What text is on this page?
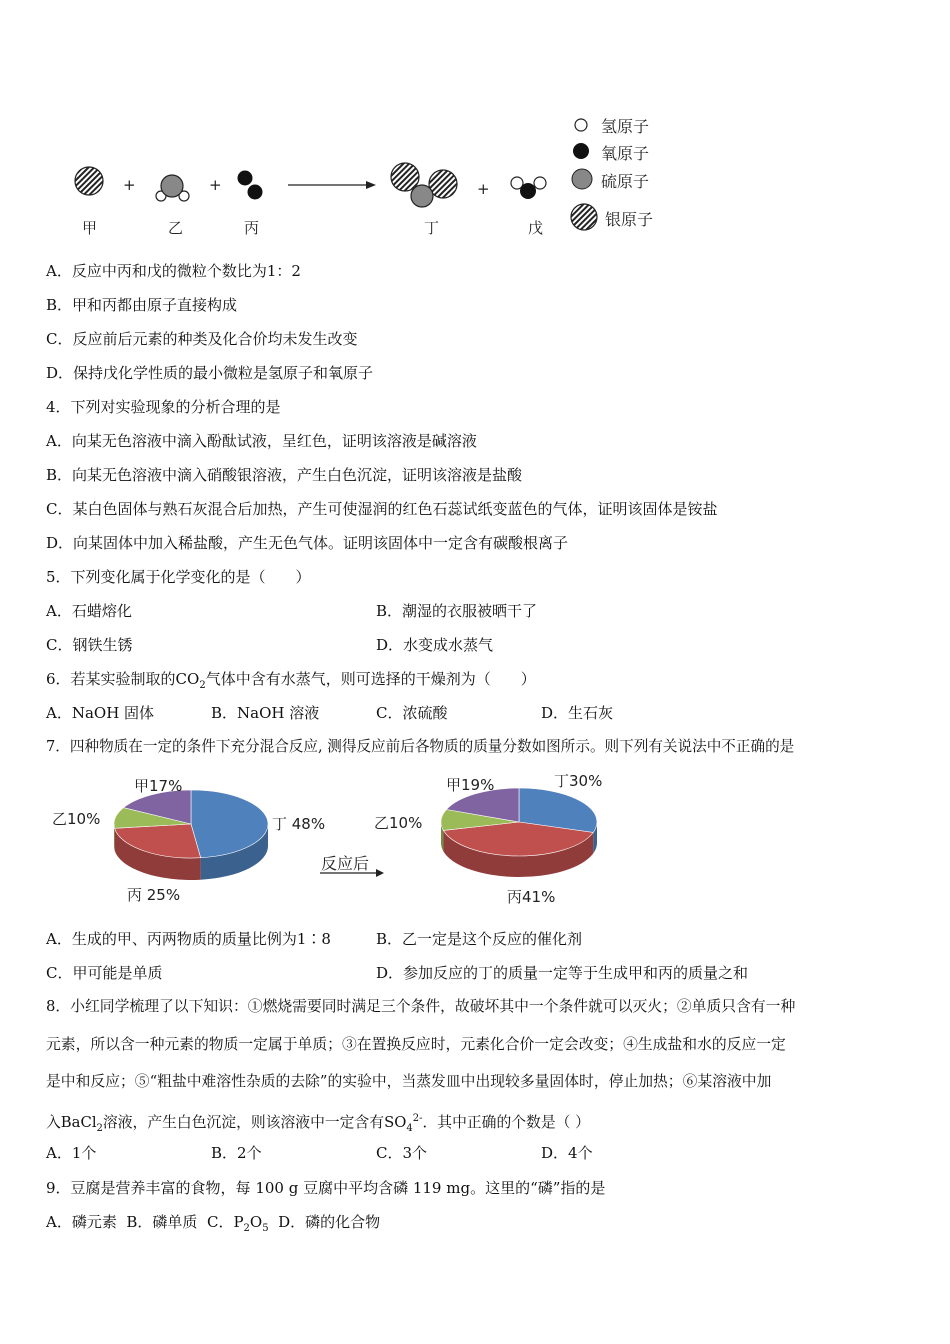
+	+	+
甲	乙	丙	丁	戊
氢原子
氧原子
硫原子
银原子
A．反应中丙和戊的微粒个数比为1：2
B．甲和丙都由原子直接构成
C．反应前后元素的种类及化合价均未发生改变
D．保持戊化学性质的最小微粒是氢原子和氧原子
4．下列对实验现象的分析合理的是
A．向某无色溶液中滴入酚酞试液，呈红色，证明该溶液是碱溶液
B．向某无色溶液中滴入硝酸银溶液，产生白色沉淀，证明该溶液是盐酸
C．某白色固体与熟石灰混合后加热，产生可使湿润的红色石蕊试纸变蓝色的气体，证明该固体是铵盐
D．向某固体中加入稀盐酸，产生无色气体。证明该固体中一定含有碳酸根离子
5．下列变化属于化学变化的是（　　）
A．石蜡熔化	B．潮湿的衣服被晒干了
C．钢铁生锈	D．水变成水蒸气
6．若某实验制取的$CO_2$气体中含有水蒸气，则可选择的干燥剂为（　　）
A．NaOH 固体	B．NaOH 溶液	C．浓硫酸	D．生石灰
7．四种物质在一定的条件下充分混合反应, 测得反应前后各物质的质量分数如图所示。则下列有关说法中不正确的是
甲17%
乙10%	丁 48%
丙 25%
反应后
甲19%
乙10%
丁30%
丙41%
A．生成的甲、丙两物质的质量比例为1∶8	B．乙一定是这个反应的催化剂
C．甲可能是单质	D．参加反应的丁的质量一定等于生成甲和丙的质量之和
8．小红同学梳理了以下知识：①燃烧需要同时满足三个条件，故破坏其中一个条件就可以灭火；②单质只含有一种
元素，所以含一种元素的物质一定属于单质；③在置换反应时，元素化合价一定会改变；④生成盐和水的反应一定
是中和反应；⑤“粗盐中难溶性杂质的去除”的实验中，当蒸发皿中出现较多量固体时，停止加热；⑥某溶液中加
入BaCl$_2$溶液，产生白色沉淀，则该溶液中一定含有$SO_4^{2-}$．其中正确的个数是（ ）
A．1个	B．2个	C．3个	D．4个
9．豆腐是营养丰富的食物，每 100 g 豆腐中平均含磷 119 mg。这里的“磷”指的是
A．磷元素 B．磷单质 C．$P_2O_5$ D．磷的化合物
